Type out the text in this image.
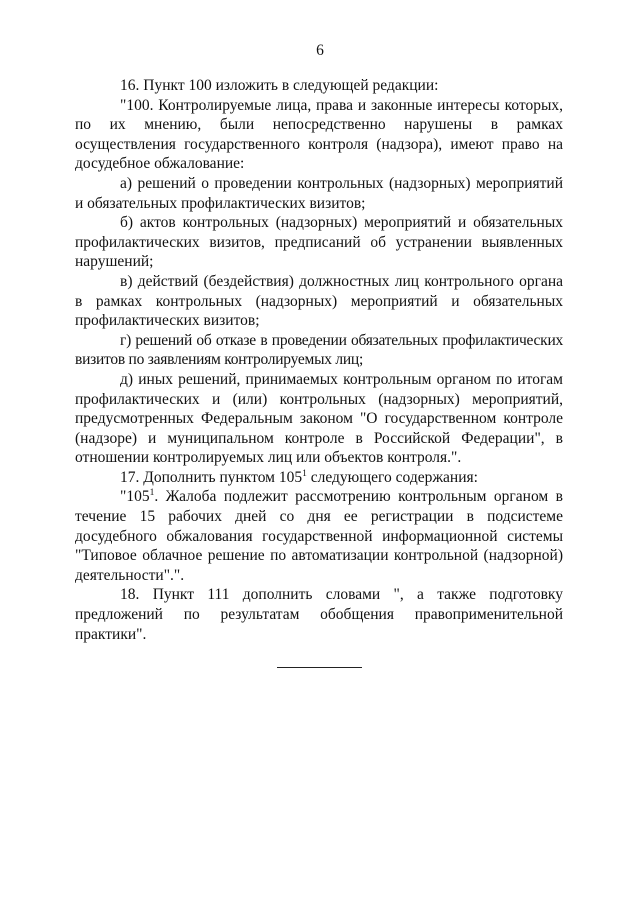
6

16. Пункт 100 изложить в следующей редакции:

"100. Контролируемые лица, права и законные интересы которых, по их мнению, были непосредственно нарушены в рамках осуществления государственного контроля (надзора), имеют право на досудебное обжалование:

а) решений о проведении контрольных (надзорных) мероприятий и обязательных профилактических визитов;

б) актов контрольных (надзорных) мероприятий и обязательных профилактических визитов, предписаний об устранении выявленных нарушений;

в) действий (бездействия) должностных лиц контрольного органа в рамках контрольных (надзорных) мероприятий и обязательных профилактических визитов;

г) решений об отказе в проведении обязательных профилактических визитов по заявлениям контролируемых лиц;

д) иных решений, принимаемых контрольным органом по итогам профилактических и (или) контрольных (надзорных) мероприятий, предусмотренных Федеральным законом "О государственном контроле (надзоре) и муниципальном контроле в Российской Федерации", в отношении контролируемых лиц или объектов контроля.".

17. Дополнить пунктом $105^1$ следующего содержания:

"$105^1$. Жалоба подлежит рассмотрению контрольным органом в течение 15 рабочих дней со дня ее регистрации в подсистеме досудебного обжалования государственной информационной системы "Типовое облачное решение по автоматизации контрольной (надзорной) деятельности".".

18. Пункт 111 дополнить словами ", а также подготовку предложений по результатам обобщения правоприменительной практики".
